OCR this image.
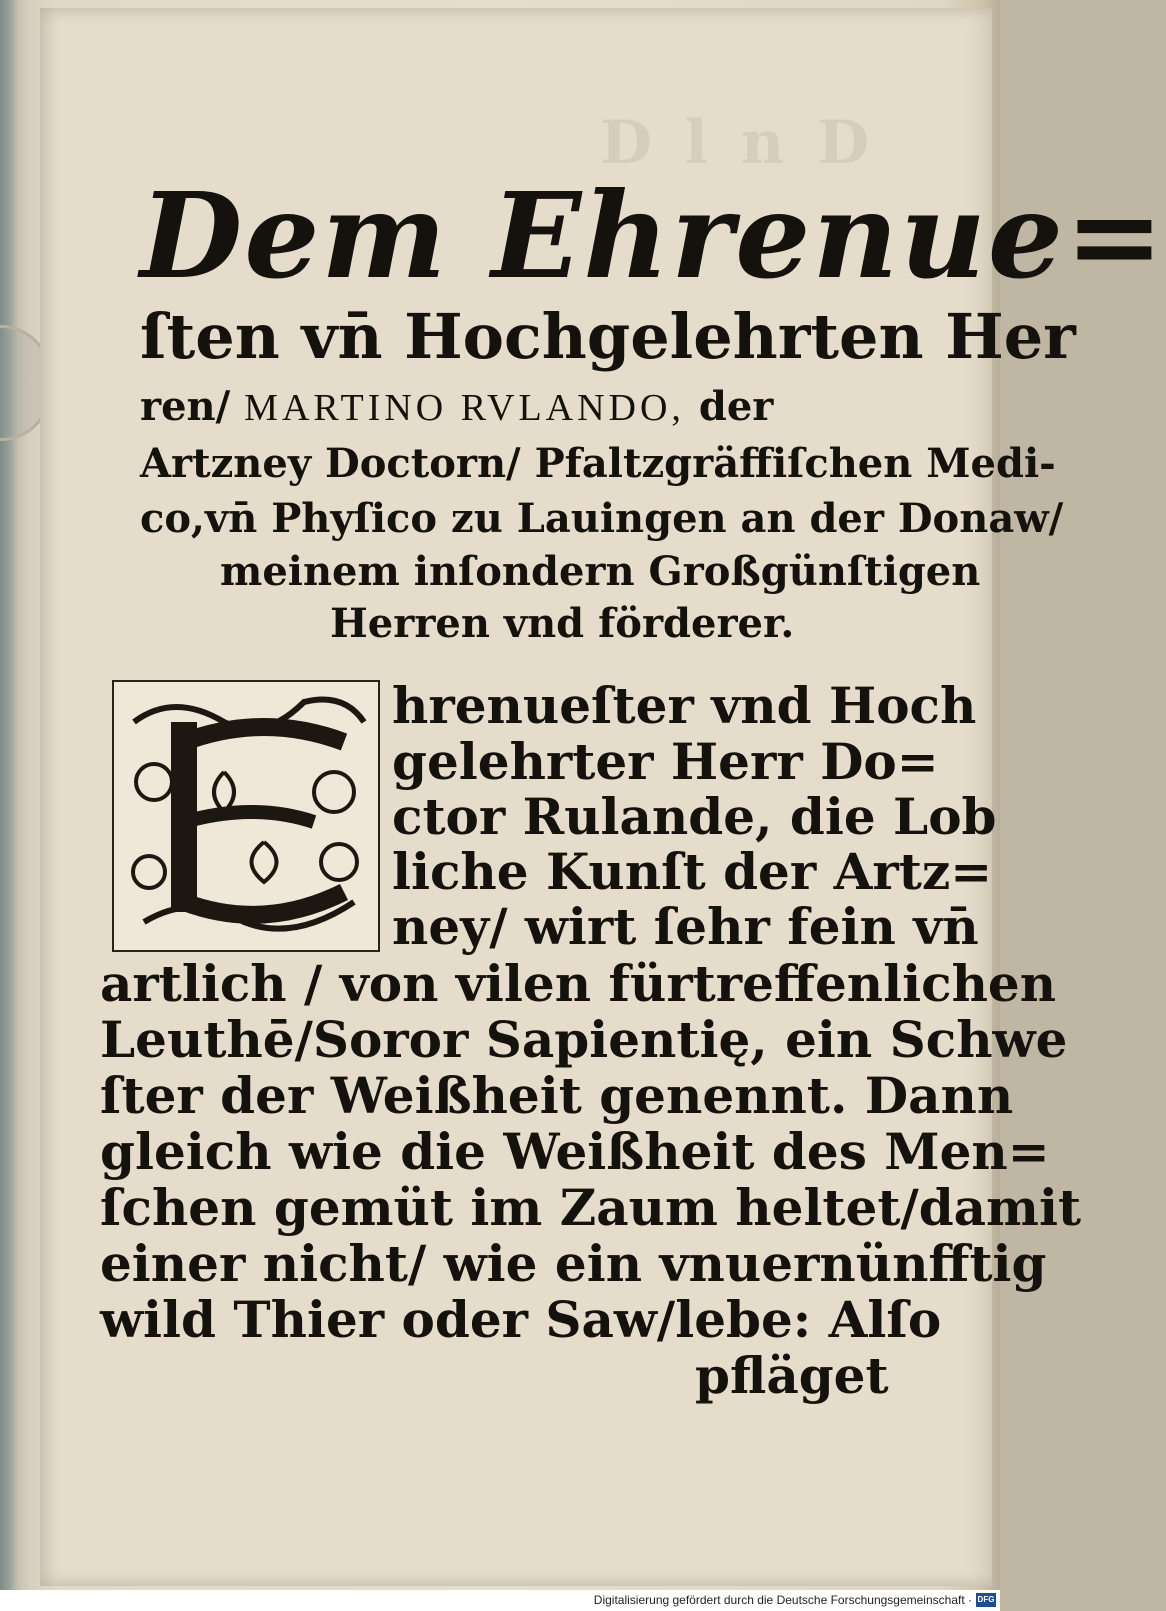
D l n D
Dem Ehrenue=
ſten vn̄ Hochgelehrten Her
ren/ MARTINO RVLANDO, der
Artzney Doctorn/ Pfaltzgräffiſchen Medi-
co,vn̄ Phyſico zu Lauingen an der Donaw/
meinem inſondern Großgünſtigen
Herren vnd förderer.
hrenueſter vnd Hoch
gelehrter Herr Do=
ctor Rulande, die Lob
liche Kunſt der Artz=
ney/ wirt ſehr fein vn̄
artlich / von vilen fürtreffenlichen
Leuthē/Soror Sapientię, ein Schwe
ſter der Weißheit genennt. Dann
gleich wie die Weißheit des Men=
ſchen gemüt im Zaum heltet/damit
einer nicht/ wie ein vnuernünfftig
wild Thier oder Saw/lebe: Alſo
pfläget
Digitalisierung gefördert durch die Deutsche Forschungsgemeinschaft · DFG
